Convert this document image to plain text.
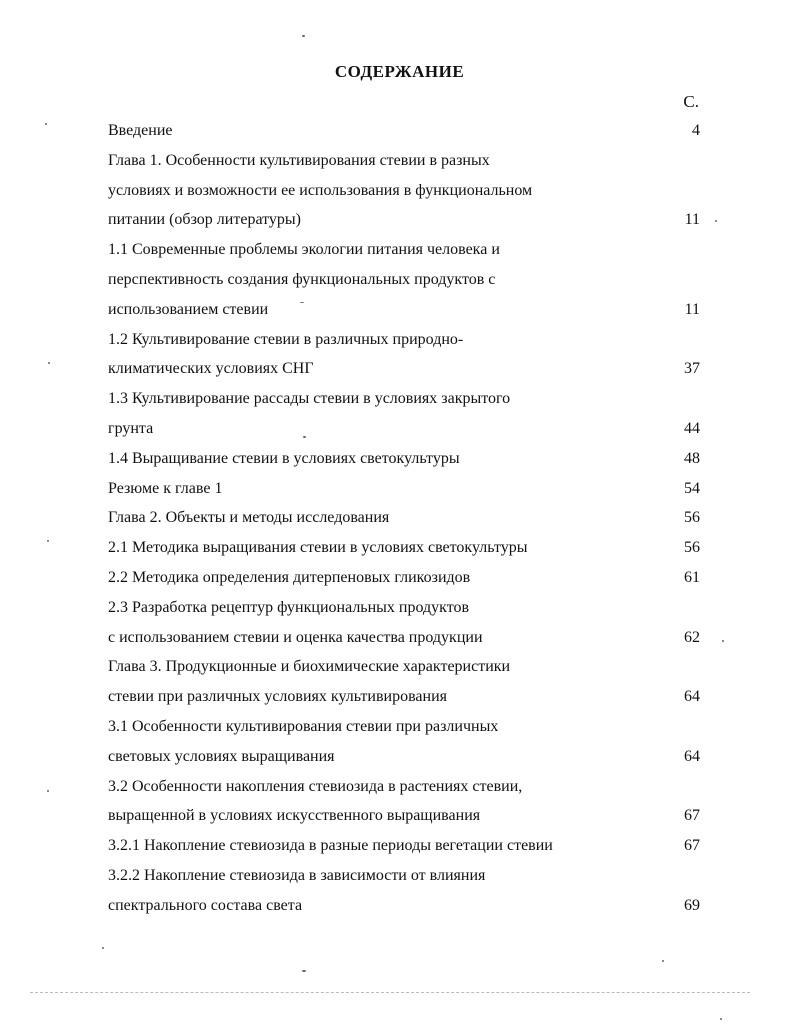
СОДЕРЖАНИЕ
С.
Введение	4
Глава 1. Особенности культивирования стевии в разных
условиях и возможности ее использования в функциональном
питании (обзор литературы)	11
1.1 Современные проблемы экологии питания человека и
перспективность создания функциональных продуктов с
использованием стевии	11
1.2 Культивирование стевии в различных природно-
климатических условиях СНГ	37
1.3 Культивирование рассады стевии в условиях закрытого
грунта	44
1.4 Выращивание стевии в условиях светокультуры	48
Резюме к главе 1	54
Глава 2. Объекты и методы исследования	56
2.1 Методика выращивания стевии в условиях светокультуры	56
2.2 Методика определения дитерпеновых гликозидов	61
2.3 Разработка рецептур функциональных продуктов
с использованием стевии и оценка качества продукции	62
Глава 3. Продукционные и биохимические характеристики
стевии при различных условиях культивирования	64
3.1 Особенности культивирования стевии при различных
световых условиях выращивания	64
3.2 Особенности накопления стевиозида в растениях стевии,
выращенной в условиях искусственного выращивания	67
3.2.1 Накопление стевиозида в разные периоды вегетации стевии	67
3.2.2 Накопление стевиозида в зависимости от влияния
спектрального состава света	69
